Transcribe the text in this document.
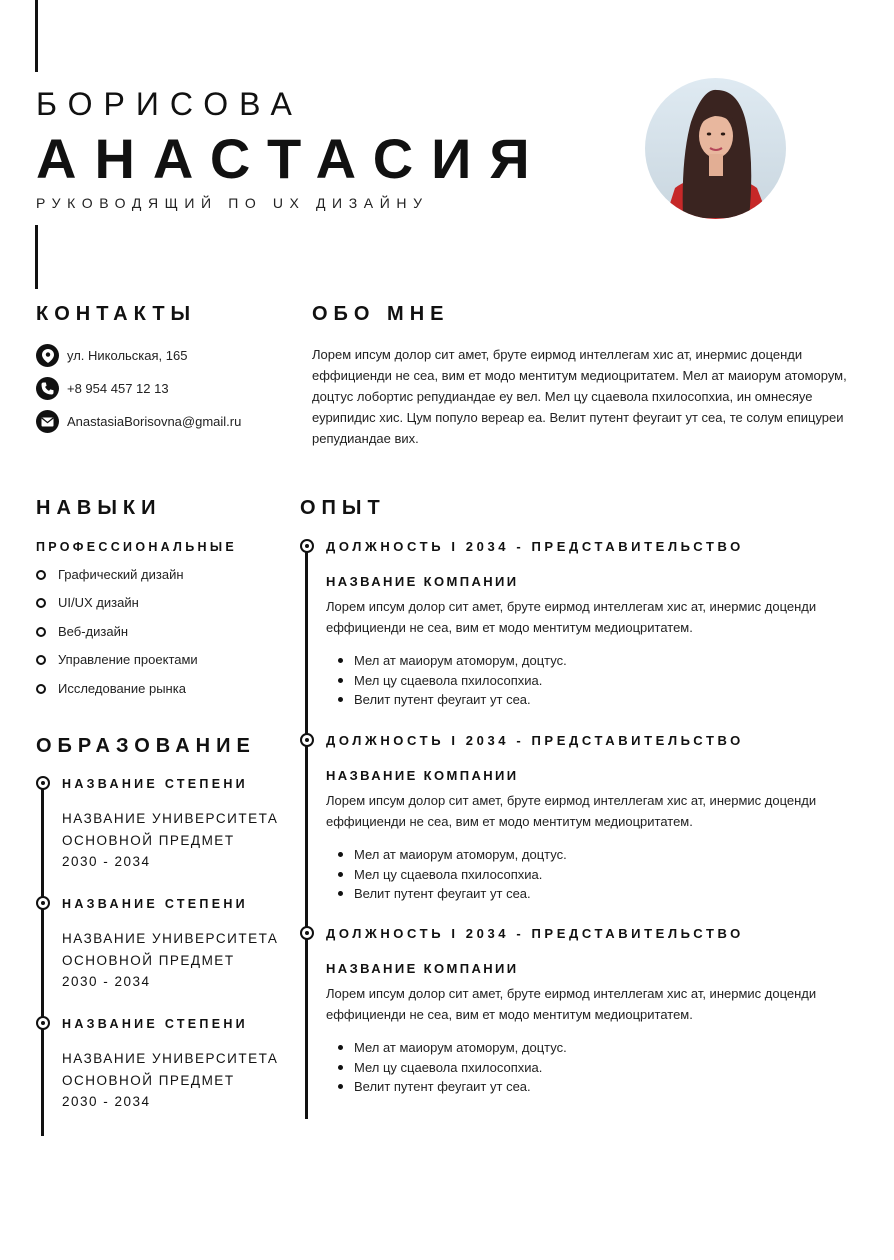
БОРИСОВА
АНАСТАСИЯ
РУКОВОДЯЩИЙ ПО UX ДИЗАЙНУ
КОНТАКТЫ
ул. Никольская, 165
+8 954 457 12 13
AnastasiaBorisovna@gmail.ru
ОБО МНЕ
Лорем ипсум долор сит амет, бруте еирмод интеллегам хис ат, инермис доценди еффициенди не сеа, вим ет модо ментитум медиоцритатем. Мел ат маиорум атоморум, доцтус лобортис репудиандае еу вел. Мел цу сцаевола пхилосопхиа, ин омнесяуе еурипидис хис. Цум популо вереар еа. Велит путент феугаит ут сеа, те солум епицуреи репудиандае вих.
НАВЫКИ
ПРОФЕССИОНАЛЬНЫЕ
Графический дизайн
UI/UX дизайн
Веб-дизайн
Управление проектами
Исследование рынка
ОБРАЗОВАНИЕ
НАЗВАНИЕ СТЕПЕНИ
НАЗВАНИЕ УНИВЕРСИТЕТА
ОСНОВНОЙ ПРЕДМЕТ
2030 - 2034
НАЗВАНИЕ СТЕПЕНИ
НАЗВАНИЕ УНИВЕРСИТЕТА
ОСНОВНОЙ ПРЕДМЕТ
2030 - 2034
НАЗВАНИЕ СТЕПЕНИ
НАЗВАНИЕ УНИВЕРСИТЕТА
ОСНОВНОЙ ПРЕДМЕТ
2030 - 2034
ОПЫТ
ДОЛЖНОСТЬ I 2034 - ПРЕДСТАВИТЕЛЬСТВО
НАЗВАНИЕ КОМПАНИИ
Лорем ипсум долор сит амет, бруте еирмод интеллегам хис ат, инермис доценди еффициенди не сеа, вим ет модо ментитум медиоцритатем.
Мел ат маиорум атоморум, доцтус.
Мел цу сцаевола пхилосопхиа.
Велит путент феугаит ут сеа.
ДОЛЖНОСТЬ I 2034 - ПРЕДСТАВИТЕЛЬСТВО
НАЗВАНИЕ КОМПАНИИ
Лорем ипсум долор сит амет, бруте еирмод интеллегам хис ат, инермис доценди еффициенди не сеа, вим ет модо ментитум медиоцритатем.
Мел ат маиорум атоморум, доцтус.
Мел цу сцаевола пхилосопхиа.
Велит путент феугаит ут сеа.
ДОЛЖНОСТЬ I 2034 - ПРЕДСТАВИТЕЛЬСТВО
НАЗВАНИЕ КОМПАНИИ
Лорем ипсум долор сит амет, бруте еирмод интеллегам хис ат, инермис доценди еффициенди не сеа, вим ет модо ментитум медиоцритатем.
Мел ат маиорум атоморум, доцтус.
Мел цу сцаевола пхилосопхиа.
Велит путент феугаит ут сеа.
